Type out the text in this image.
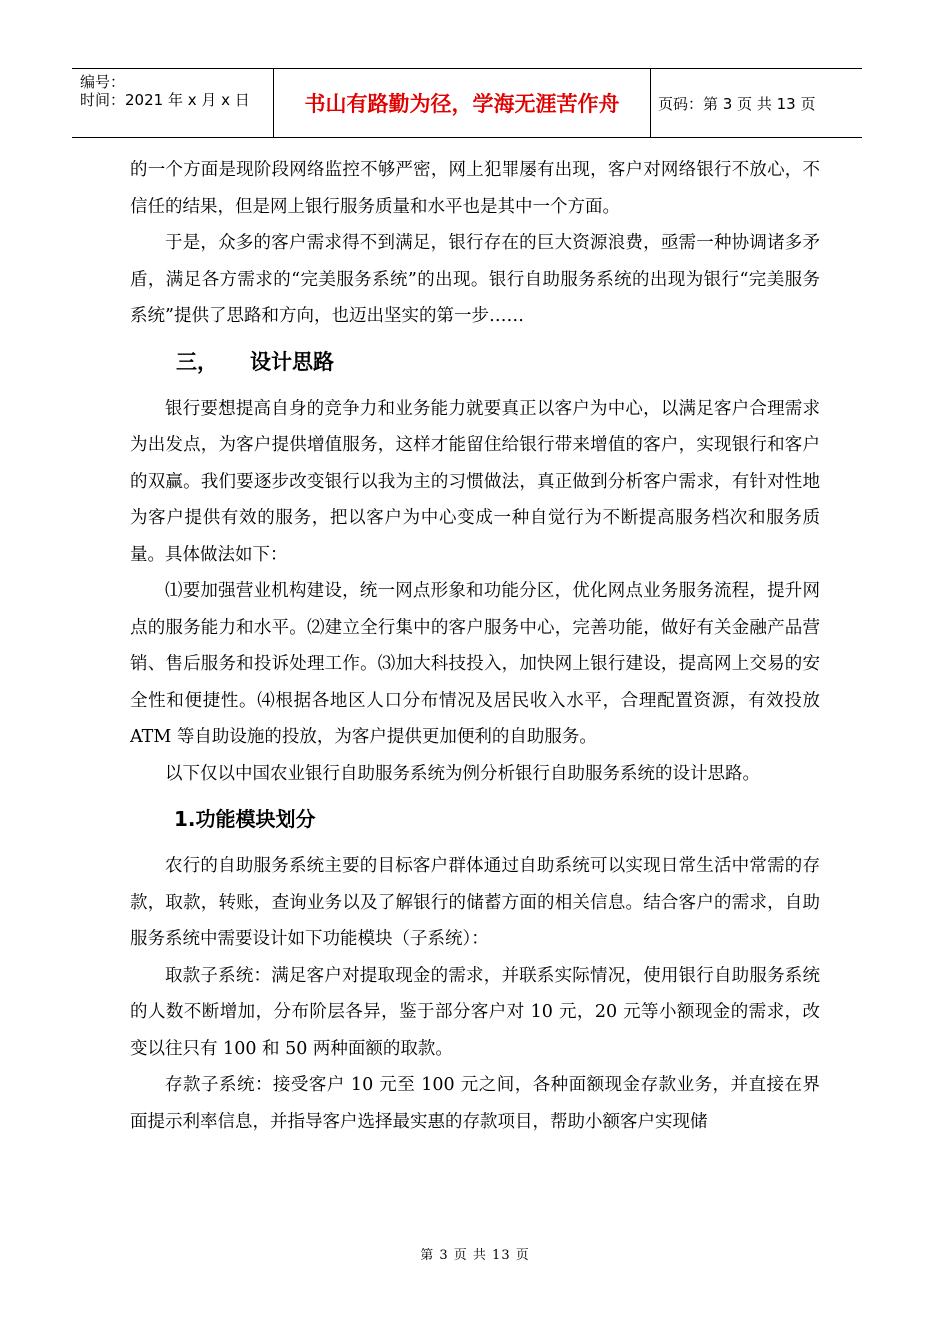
编号：
时间：2021 年 x 月 x 日	书山有路勤为径，学海无涯苦作舟	页码：第 3 页 共 13 页

的一个方面是现阶段网络监控不够严密，网上犯罪屡有出现，客户对网络银行不放心，不信任的结果，但是网上银行服务质量和水平也是其中一个方面。

于是，众多的客户需求得不到满足，银行存在的巨大资源浪费，亟需一种协调诸多矛盾，满足各方需求的“完美服务系统”的出现。银行自助服务系统的出现为银行“完美服务系统”提供了思路和方向，也迈出坚实的第一步……

三， 设计思路

银行要想提高自身的竞争力和业务能力就要真正以客户为中心，以满足客户合理需求为出发点，为客户提供增值服务，这样才能留住给银行带来增值的客户，实现银行和客户的双赢。我们要逐步改变银行以我为主的习惯做法，真正做到分析客户需求，有针对性地为客户提供有效的服务，把以客户为中心变成一种自觉行为不断提高服务档次和服务质量。具体做法如下：

⑴要加强营业机构建设，统一网点形象和功能分区，优化网点业务服务流程，提升网点的服务能力和水平。⑵建立全行集中的客户服务中心，完善功能，做好有关金融产品营销、售后服务和投诉处理工作。⑶加大科技投入，加快网上银行建设，提高网上交易的安全性和便捷性。⑷根据各地区人口分布情况及居民收入水平，合理配置资源，有效投放 ATM 等自助设施的投放，为客户提供更加便利的自助服务。

以下仅以中国农业银行自助服务系统为例分析银行自助服务系统的设计思路。

1.功能模块划分

农行的自助服务系统主要的目标客户群体通过自助系统可以实现日常生活中常需的存款，取款，转账，查询业务以及了解银行的储蓄方面的相关信息。结合客户的需求，自助服务系统中需要设计如下功能模块（子系统）：

取款子系统：满足客户对提取现金的需求，并联系实际情况，使用银行自助服务系统的人数不断增加，分布阶层各异，鉴于部分客户对 10 元，20 元等小额现金的需求，改变以往只有 100 和 50 两种面额的取款。

存款子系统：接受客户 10 元至 100 元之间，各种面额现金存款业务，并直接在界面提示利率信息，并指导客户选择最实惠的存款项目，帮助小额客户实现储

第 3 页 共 13 页
